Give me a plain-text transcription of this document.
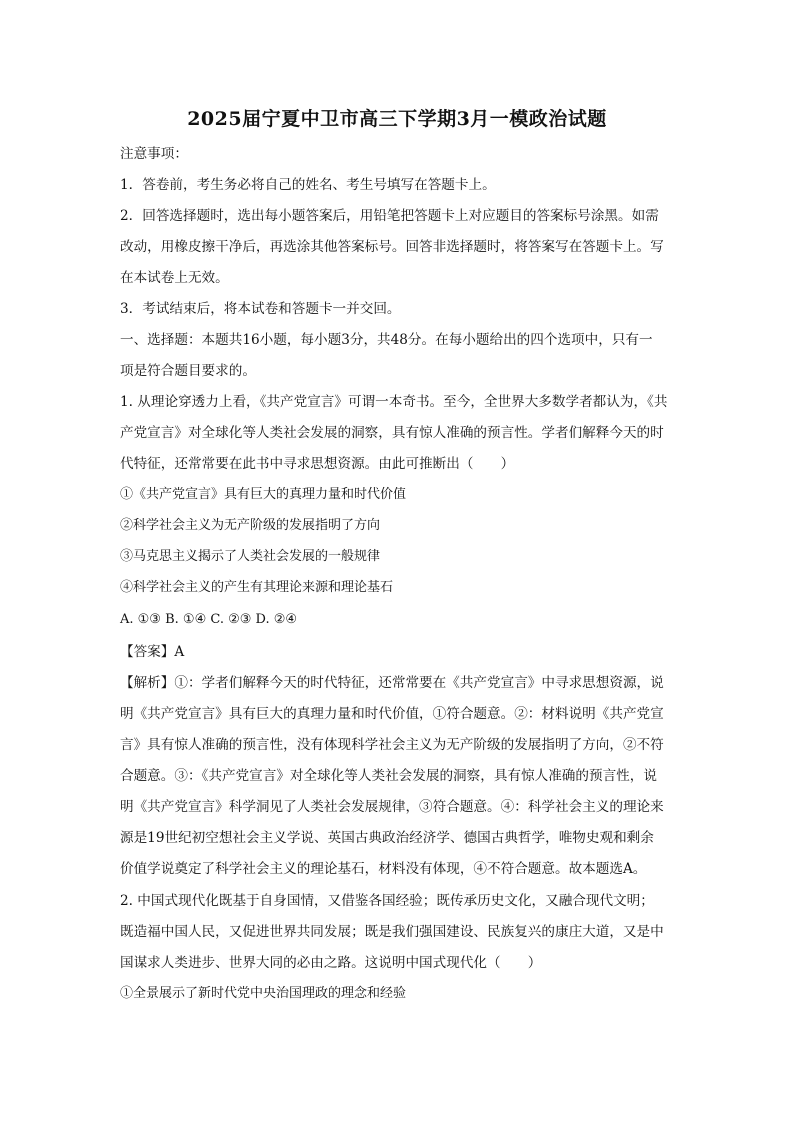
2025届宁夏中卫市高三下学期3月一模政治试题
注意事项：
1．答卷前，考生务必将自己的姓名、考生号填写在答题卡上。
2．回答选择题时，选出每小题答案后，用铅笔把答题卡上对应题目的答案标号涂黑。如需
改动，用橡皮擦干净后，再选涂其他答案标号。回答非选择题时，将答案写在答题卡上。写
在本试卷上无效。
3．考试结束后，将本试卷和答题卡一并交回。
一、选择题：本题共16小题，每小题3分，共48分。在每小题给出的四个选项中，只有一
项是符合题目要求的。
1. 从理论穿透力上看，《共产党宣言》可谓一本奇书。至今，全世界大多数学者都认为，《共
产党宣言》对全球化等人类社会发展的洞察，具有惊人准确的预言性。学者们解释今天的时
代特征，还常常要在此书中寻求思想资源。由此可推断出（　　）
①《共产党宣言》具有巨大的真理力量和时代价值
②科学社会主义为无产阶级的发展指明了方向
③马克思主义揭示了人类社会发展的一般规律
④科学社会主义的产生有其理论来源和理论基石
A. ①③ B. ①④ C. ②③ D. ②④
【答案】A
【解析】①：学者们解释今天的时代特征，还常常要在《共产党宣言》中寻求思想资源，说
明《共产党宣言》具有巨大的真理力量和时代价值，①符合题意。②：材料说明《共产党宣
言》具有惊人准确的预言性，没有体现科学社会主义为无产阶级的发展指明了方向，②不符
合题意。③：《共产党宣言》对全球化等人类社会发展的洞察，具有惊人准确的预言性，说
明《共产党宣言》科学洞见了人类社会发展规律，③符合题意。④：科学社会主义的理论来
源是19世纪初空想社会主义学说、英国古典政治经济学、德国古典哲学，唯物史观和剩余
价值学说奠定了科学社会主义的理论基石，材料没有体现，④不符合题意。故本题选A。
2. 中国式现代化既基于自身国情，又借鉴各国经验；既传承历史文化，又融合现代文明；
既造福中国人民，又促进世界共同发展；既是我们强国建设、民族复兴的康庄大道，又是中
国谋求人类进步、世界大同的必由之路。这说明中国式现代化（　　）
①全景展示了新时代党中央治国理政的理念和经验
